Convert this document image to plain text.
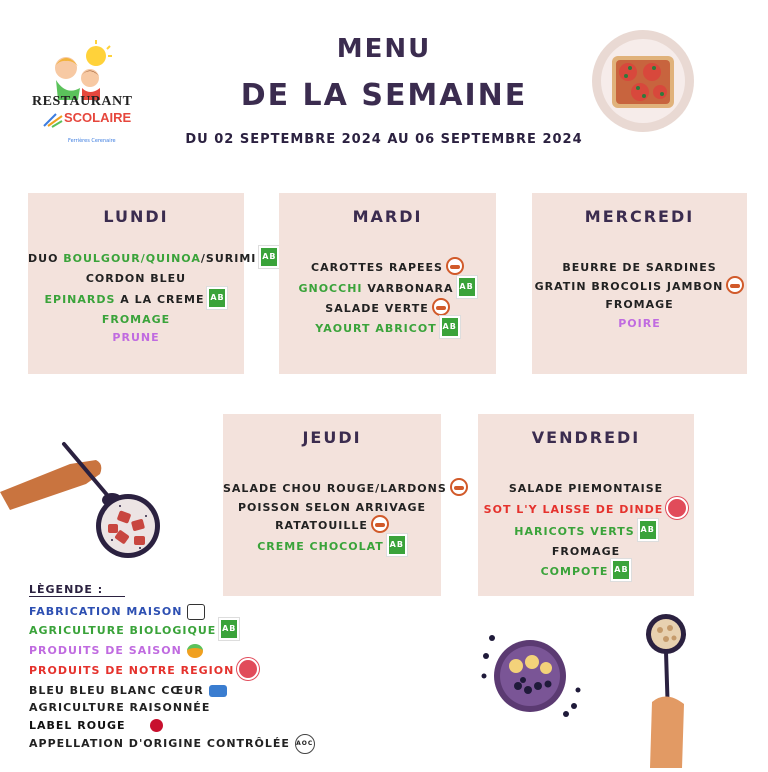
RESTAURANT
SCOLAIRE
Ferrières Cerenaire
MENU
DE LA SEMAINE
DU 02 SEPTEMBRE 2024 AU 06 SEPTEMBRE 2024
LUNDI
DUO BOULGOUR/QUINOA/SURIMI AB
CORDON BLEU
EPINARDS A LA CREME AB
FROMAGE
PRUNE
MARDI
CAROTTES RAPEES
GNOCCHI VARBONARA AB
SALADE VERTE
YAOURT ABRICOT AB
MERCREDI
BEURRE DE SARDINES
GRATIN BROCOLIS JAMBON
FROMAGE
POIRE
JEUDI
SALADE CHOU ROUGE/LARDONS
POISSON SELON ARRIVAGE
RATATOUILLE
CREME CHOCOLAT AB
VENDREDI
SALADE PIEMONTAISE
SOT L'Y LAISSE DE DINDE
HARICOTS VERTS AB
FROMAGE
COMPOTE AB
LÈGENDE :
FABRICATION MAISON
AGRICULTURE BIOLOGIQUE AB
PRODUITS DE SAISON
PRODUITS DE NOTRE REGION
BLEU BLEU BLANC CŒUR
AGRICULTURE RAISONNÉE
LABEL ROUGE
APPELLATION D'ORIGINE CONTRÔLÉE AOC
